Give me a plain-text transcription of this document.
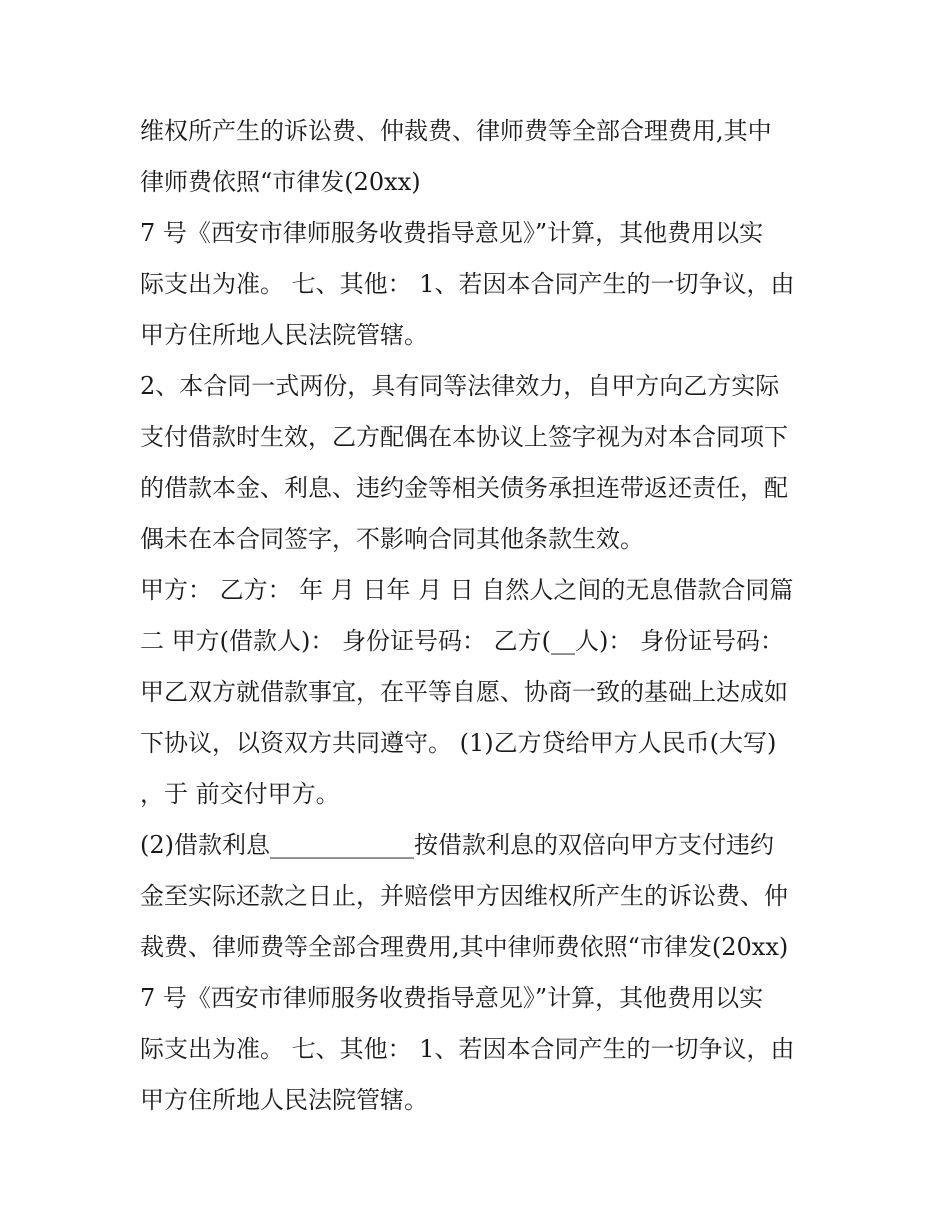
维权所产生的诉讼费、仲裁费、律师费等全部合理费用,其中
律师费依照“市律发(20xx)
7 号《西安市律师服务收费指导意见》”计算，其他费用以实
际支出为准。 七、其他： 1、若因本合同产生的一切争议，由
甲方住所地人民法院管辖。
2、本合同一式两份，具有同等法律效力，自甲方向乙方实际
支付借款时生效，乙方配偶在本协议上签字视为对本合同项下
的借款本金、利息、违约金等相关债务承担连带返还责任，配
偶未在本合同签字，不影响合同其他条款生效。
甲方： 乙方： 年 月 日年 月 日 自然人之间的无息借款合同篇
二 甲方(借款人)： 身份证号码： 乙方(__人)： 身份证号码：
甲乙双方就借款事宜，在平等自愿、协商一致的基础上达成如
下协议，以资双方共同遵守。 (1)乙方贷给甲方人民币(大写)
，于 前交付甲方。
(2)借款利息____________按借款利息的双倍向甲方支付违约
金至实际还款之日止，并赔偿甲方因维权所产生的诉讼费、仲
裁费、律师费等全部合理费用,其中律师费依照“市律发(20xx)
7 号《西安市律师服务收费指导意见》”计算，其他费用以实
际支出为准。 七、其他： 1、若因本合同产生的一切争议，由
甲方住所地人民法院管辖。
